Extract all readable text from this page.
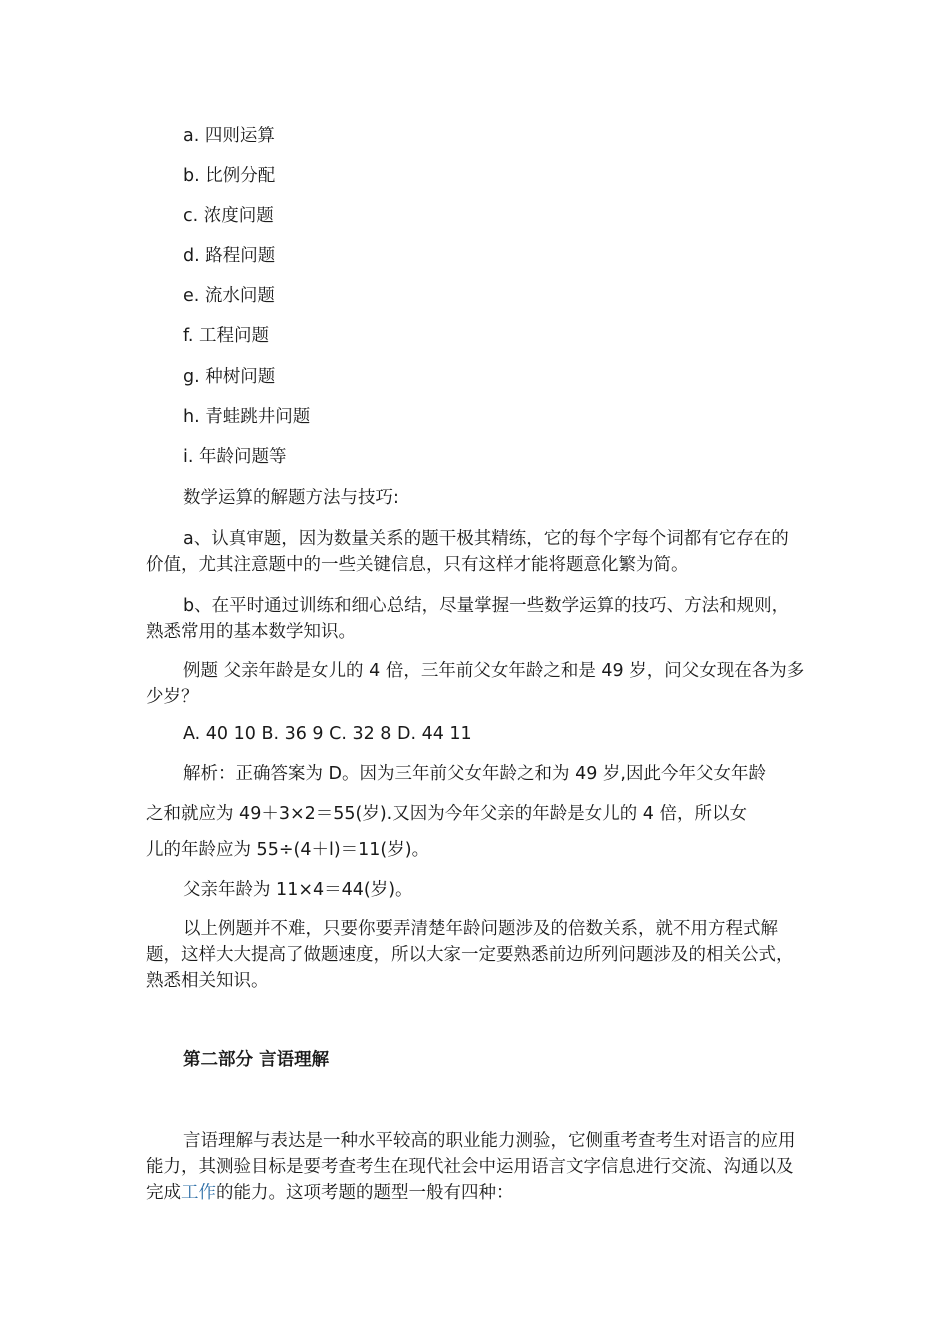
a. 四则运算
b. 比例分配
c. 浓度问题
d. 路程问题
e. 流水问题
f. 工程问题
g. 种树问题
h. 青蛙跳井问题
i. 年龄问题等
数学运算的解题方法与技巧:
a、认真审题，因为数量关系的题干极其精练，它的每个字每个词都有它存在的价值，尤其注意题中的一些关键信息，只有这样才能将题意化繁为简。
b、在平时通过训练和细心总结，尽量掌握一些数学运算的技巧、方法和规则，熟悉常用的基本数学知识。
例题 父亲年龄是女儿的 4 倍，三年前父女年龄之和是 49 岁，问父女现在各为多少岁？
A. 40 10 B. 36 9 C. 32 8 D. 44 11
解析：正确答案为 D。因为三年前父女年龄之和为 49 岁,因此今年父女年龄
之和就应为 49＋3×2＝55(岁).又因为今年父亲的年龄是女儿的 4 倍，所以女
儿的年龄应为 55÷(4＋l)＝11(岁)。
父亲年龄为 11×4＝44(岁)。
以上例题并不难，只要你要弄清楚年龄问题涉及的倍数关系，就不用方程式解题，这样大大提高了做题速度，所以大家一定要熟悉前边所列问题涉及的相关公式，熟悉相关知识。
第二部分 言语理解
言语理解与表达是一种水平较高的职业能力测验，它侧重考查考生对语言的应用能力，其测验目标是要考查考生在现代社会中运用语言文字信息进行交流、沟通以及完成工作的能力。这项考题的题型一般有四种：
